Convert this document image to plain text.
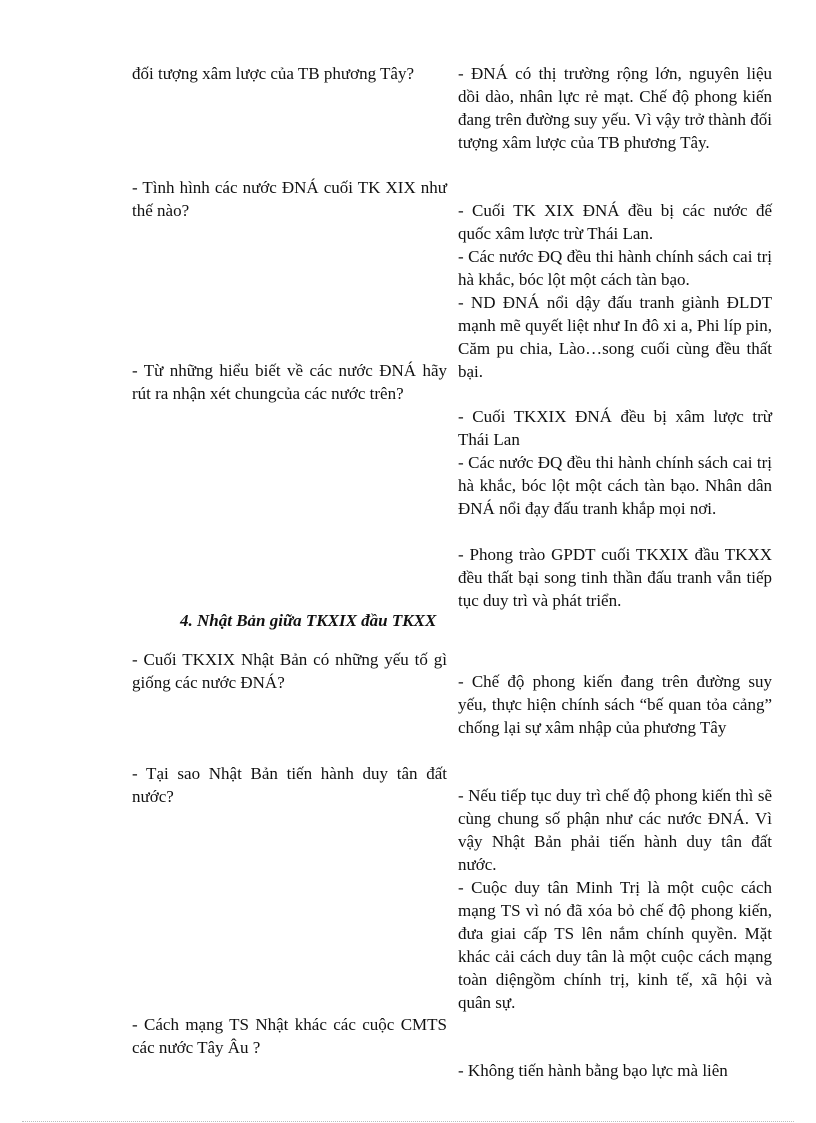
đối tượng xâm lược của TB phương Tây?
- Tình hình các nước ĐNÁ cuối TK XIX như thế nào?
- Từ những hiểu biết về các nước ĐNÁ hãy rút ra nhận xét chungcủa các nước trên?
- ĐNÁ có thị trường rộng lớn, nguyên liệu dồi dào, nhân lực rẻ mạt. Chế độ phong kiến đang trên đường suy yếu. Vì vậy trở thành đối tượng xâm lược của TB phương Tây.
- Cuối TK XIX ĐNÁ đều bị các nước đế quốc xâm lược trừ Thái Lan.
- Các nước ĐQ đều thi hành chính sách cai trị hà khắc, bóc lột một cách tàn bạo.
- ND ĐNÁ nổi dậy đấu tranh giành ĐLDT mạnh mẽ quyết liệt như In đô xi a, Phi líp pin, Căm pu chia, Lào…song cuối cùng đều thất bại.
- Cuối TKXIX ĐNÁ đều bị xâm lược trừ Thái Lan
- Các nước ĐQ đều thi hành chính sách cai trị hà khắc, bóc lột một cách tàn bạo. Nhân dân ĐNÁ nổi đạy đấu tranh khắp mọi nơi.
- Phong trào GPDT cuối TKXIX đầu TKXX đều thất bại song tinh thần đấu tranh vẫn tiếp tục duy trì và phát triển.
4. Nhật Bản giữa TKXIX đầu TKXX
- Cuối TKXIX Nhật Bản có những yếu tố gì giống các nước ĐNÁ?
- Tại sao Nhật Bản tiến hành duy tân đất nước?
- Cách mạng TS Nhật khác các cuộc CMTS các nước Tây Âu ?
- Chế độ phong kiến đang trên đường suy yếu, thực hiện chính sách “bế quan tỏa cảng” chống lại sự xâm nhập của phương Tây
- Nếu tiếp tục duy trì chế độ phong kiến thì sẽ cùng chung số phận như các nước ĐNÁ. Vì vậy Nhật Bản phải tiến hành duy tân đất nước.
- Cuộc duy tân Minh Trị là một cuộc cách mạng TS vì nó đã xóa bỏ chế độ phong kiến, đưa giai cấp TS lên nắm chính quyền. Mặt khác cải cách duy tân là một cuộc cách mạng toàn diệngồm chính trị, kinh tế, xã hội và quân sự.
- Không tiến hành bằng bạo lực mà liên
